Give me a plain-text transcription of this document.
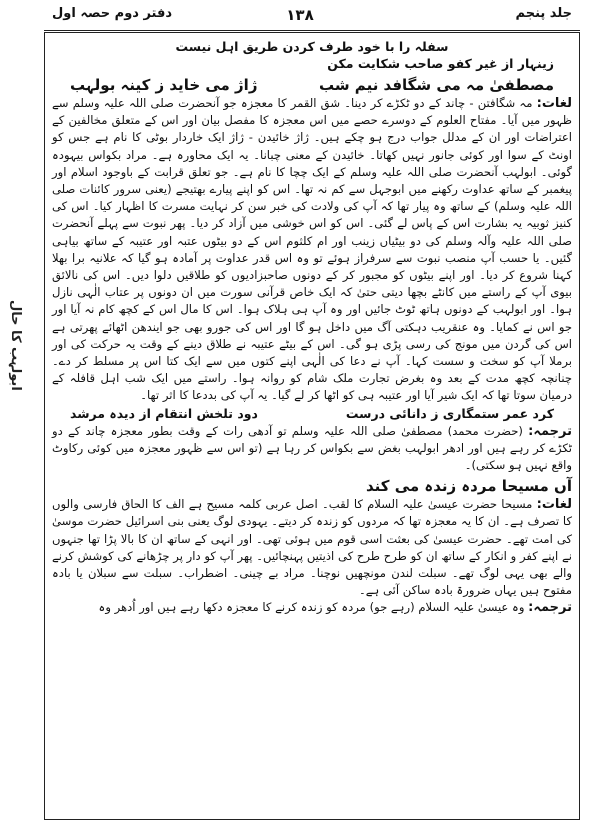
دفتر دوم حصہ اول	۱۳۸	جلد پنجم

سفلہ را با خود طرف کردن طریق اہل نیست

زینہار از غیر کفو صاحب شکایت مکن
مصطفیٰ مہ می شگافد نیم شب
ژاژ می خاید ز کینہ بولہب

لغات: مہ شگافتن - چاند کے دو ٹکڑے کر دینا۔ شق القمر کا معجزہ جو آنحضرت صلی اللہ علیہ وسلم سے ظہور میں آیا۔ مفتاح العلوم کے دوسرے حصے میں اس معجزہ کا مفصل بیان اور اس کے متعلق مخالفین کے اعتراضات اور ان کے مدلل جواب درج ہو چکے ہیں۔ ژاژ خائیدن - ژاژ ایک خاردار بوٹی کا نام ہے جس کو اونٹ کے سوا اور کوئی جانور نہیں کھاتا۔ خائیدن کے معنی چبانا۔ یہ ایک محاورہ ہے۔ مراد بکواس بیہودہ گوئی۔ ابولہب آنحضرت صلی اللہ علیہ وسلم کے ایک چچا کا نام ہے۔ جو تعلق قرابت کے باوجود اسلام اور پیغمبر کے ساتھ عداوت رکھنے میں ابوجہل سے کم نہ تھا۔ اس کو اپنے پیارے بھتیجے (یعنی سرور کائنات صلی اللہ علیہ وسلم) کے ساتھ وہ پیار تھا کہ آپ کی ولادت کی خبر سن کر نہایت مسرت کا اظہار کیا۔ اس کی کنیز ثوبیہ یہ بشارت اس کے پاس لے گئی۔ اس کو اس خوشی میں آزاد کر دیا۔ پھر نبوت سے پہلے آنحضرت صلی اللہ علیہ وآلہ وسلم کی دو بیٹیاں زینب اور ام کلثوم اس کے دو بیٹوں عتبہ اور عتیبہ کے ساتھ بیاہی گئیں۔ یا حسب آپ منصب نبوت سے سرفراز ہوئے تو وہ اس قدر عداوت پر آمادہ ہو گیا کہ علانیہ برا بھلا کہنا شروع کر دیا۔ اور اپنے بیٹوں کو مجبور کر کے دونوں صاحبزادیوں کو طلاقیں دلوا دیں۔ اس کی نالائق بیوی آپ کے راستے میں کانٹے بچھا دیتی حتیٰ کہ ایک خاص قرآنی سورت میں ان دونوں پر عتاب الٰہی نازل ہوا۔ اور ابولہب کے دونوں ہاتھ ٹوٹ جائیں اور وہ آپ ہی ہلاک ہوا۔ اس کا مال اس کے کچھ کام نہ آیا اور جو اس نے کمایا۔ وہ عنقریب دہکتی آگ میں داخل ہو گا اور اس کی جورو بھی جو ایندھن اٹھائے پھرتی ہے اس کی گردن میں مونج کی رسی پڑی ہو گی۔ اس کے بیٹے عتیبہ نے طلاق دینے کے وقت یہ حرکت کی اور برملا آپ کو سخت و سست کہا۔ آپ نے دعا کی الٰہی اپنے کتوں میں سے ایک کتا اس پر مسلط کر دے۔ چنانچہ کچھ مدت کے بعد وہ بغرض تجارت ملک شام کو روانہ ہوا۔ راستے میں ایک شب اہل قافلہ کے درمیان سوتا تھا کہ ایک شیر آیا اور عتیبہ ہی کو اٹھا کر لے گیا۔ یہ آپ کی بددعا کا اثر تھا۔

کرد عمر ستمگاری ز دانائی درست
دود تلخش انتقام از دیدہ مرشد

ترجمہ: (حضرت محمد) مصطفیٰ صلی اللہ علیہ وسلم تو آدھی رات کے وقت بطور معجزہ چاند کے دو ٹکڑے کر رہے ہیں اور ادھر ابولہب بغض سے بکواس کر رہا ہے (تو اس سے ظہور معجزہ میں کوئی رکاوٹ واقع نہیں ہو سکتی)۔

آں مسیحا مردہ زندہ می کند

لغات: مسیحا حضرت عیسیٰ علیہ السلام کا لقب۔ اصل عربی کلمہ مسیح ہے الف کا الحاق فارسی والوں کا تصرف ہے۔ ان کا یہ معجزہ تھا کہ مردوں کو زندہ کر دیتے۔ یہودی لوگ یعنی بنی اسرائیل حضرت موسیٰ کی امت تھے۔ حضرت عیسیٰ کی بعثت اسی قوم میں ہوئی تھی۔ اور انہی کے ساتھ ان کا بالا پڑا تھا جنہوں نے اپنے کفر و انکار کے ساتھ ان کو طرح طرح کی اذیتیں پہنچائیں۔ پھر آپ کو دار پر چڑھانے کی کوشش کرنے والے بھی یہی لوگ تھے۔ سبلت لندن مونچھیں نوچنا۔ مراد بے چینی۔ اضطراب۔ سبلت سے سبلان یا بادہ مفتوح ہیں یہاں ضرورۃ بادہ ساکن آئی ہے۔

ترجمہ: وہ عیسیٰ علیہ السلام (رہے جو) مردہ کو زندہ کرنے کا معجزہ دکھا رہے ہیں اور اُدھر وہ

ابولہب کا حال
